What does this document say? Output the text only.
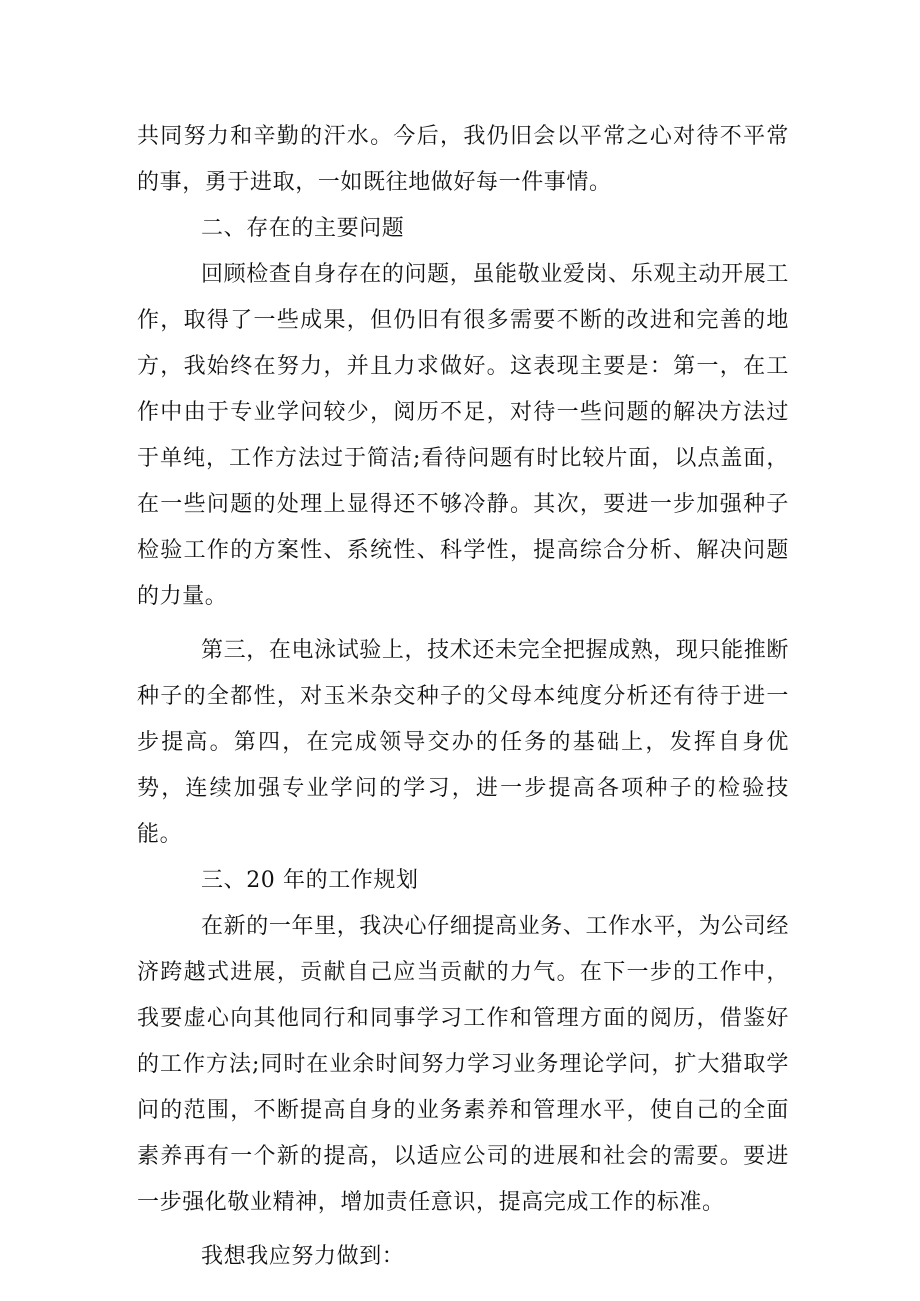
共同努力和辛勤的汗水。今后，我仍旧会以平常之心对待不平常的事，勇于进取，一如既往地做好每一件事情。

二、存在的主要问题

回顾检查自身存在的问题，虽能敬业爱岗、乐观主动开展工作，取得了一些成果，但仍旧有很多需要不断的改进和完善的地方，我始终在努力，并且力求做好。这表现主要是：第一，在工作中由于专业学问较少，阅历不足，对待一些问题的解决方法过于单纯，工作方法过于简洁;看待问题有时比较片面，以点盖面，在一些问题的处理上显得还不够冷静。其次，要进一步加强种子检验工作的方案性、系统性、科学性，提高综合分析、解决问题的力量。

第三，在电泳试验上，技术还未完全把握成熟，现只能推断种子的全都性，对玉米杂交种子的父母本纯度分析还有待于进一步提高。第四，在完成领导交办的任务的基础上，发挥自身优势，连续加强专业学问的学习，进一步提高各项种子的检验技能。

三、20 年的工作规划

在新的一年里，我决心仔细提高业务、工作水平，为公司经济跨越式进展，贡献自己应当贡献的力气。在下一步的工作中，我要虚心向其他同行和同事学习工作和管理方面的阅历，借鉴好的工作方法;同时在业余时间努力学习业务理论学问，扩大猎取学问的范围，不断提高自身的业务素养和管理水平，使自己的全面素养再有一个新的提高，以适应公司的进展和社会的需要。要进一步强化敬业精神，增加责任意识，提高完成工作的标准。

我想我应努力做到：
